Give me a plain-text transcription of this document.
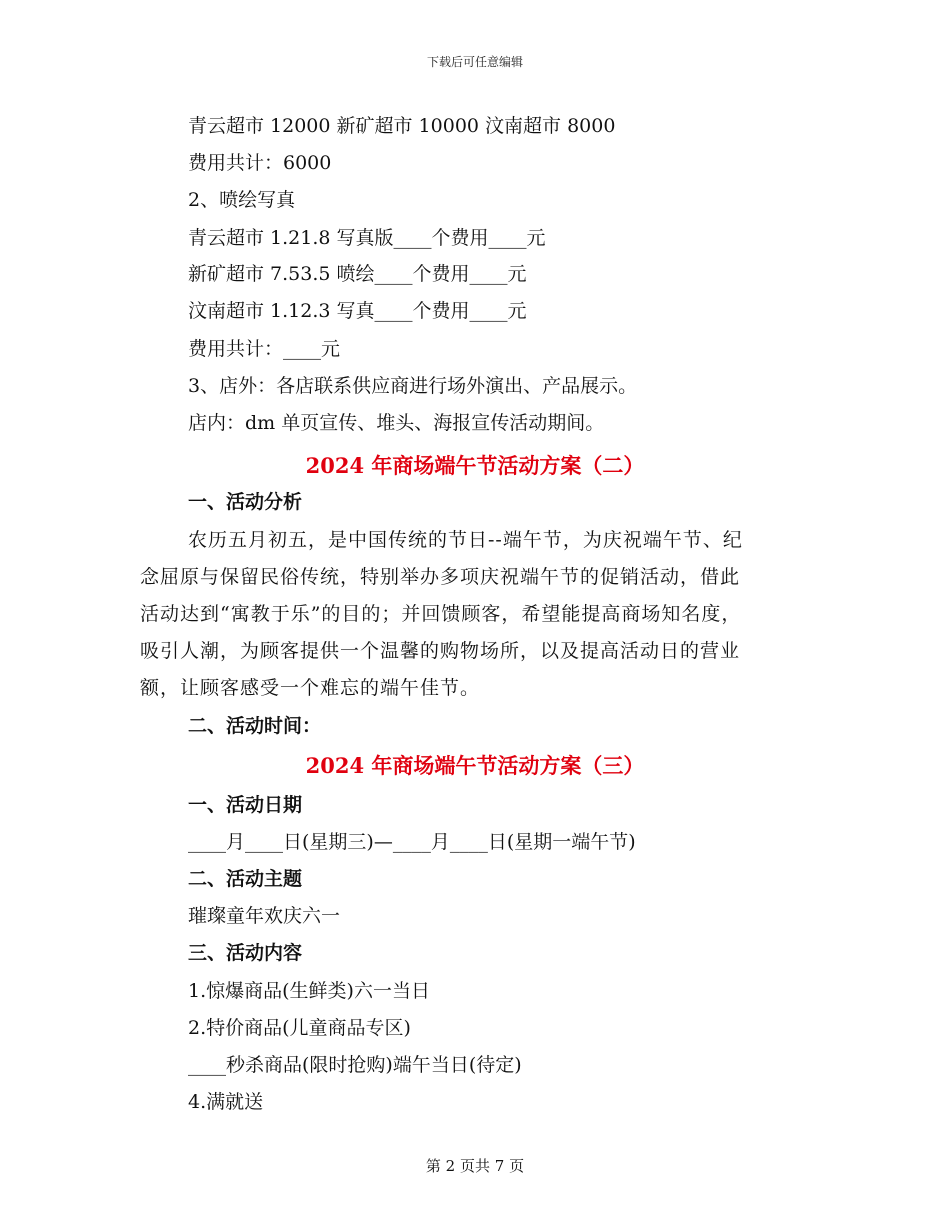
下载后可任意编辑
青云超市 12000 新矿超市 10000 汶南超市 8000
费用共计：6000
2、喷绘写真
青云超市 1.21.8 写真版____个费用____元
新矿超市 7.53.5 喷绘____个费用____元
汶南超市 1.12.3 写真____个费用____元
费用共计：____元
3、店外：各店联系供应商进行场外演出、产品展示。
店内：dm 单页宣传、堆头、海报宣传活动期间。
2024 年商场端午节活动方案（二）
一、活动分析
农历五月初五，是中国传统的节日--端午节，为庆祝端午节、纪
念屈原与保留民俗传统，特别举办多项庆祝端午节的促销活动，借此
活动达到“寓教于乐”的目的；并回馈顾客，希望能提高商场知名度，
吸引人潮，为顾客提供一个温馨的购物场所，以及提高活动日的营业
额，让顾客感受一个难忘的端午佳节。
二、活动时间：
2024 年商场端午节活动方案（三）
一、活动日期
____月____日(星期三)—____月____日(星期一端午节)
二、活动主题
璀璨童年欢庆六一
三、活动内容
1.惊爆商品(生鲜类)六一当日
2.特价商品(儿童商品专区)
____秒杀商品(限时抢购)端午当日(待定)
4.满就送
第 2 页共 7 页
